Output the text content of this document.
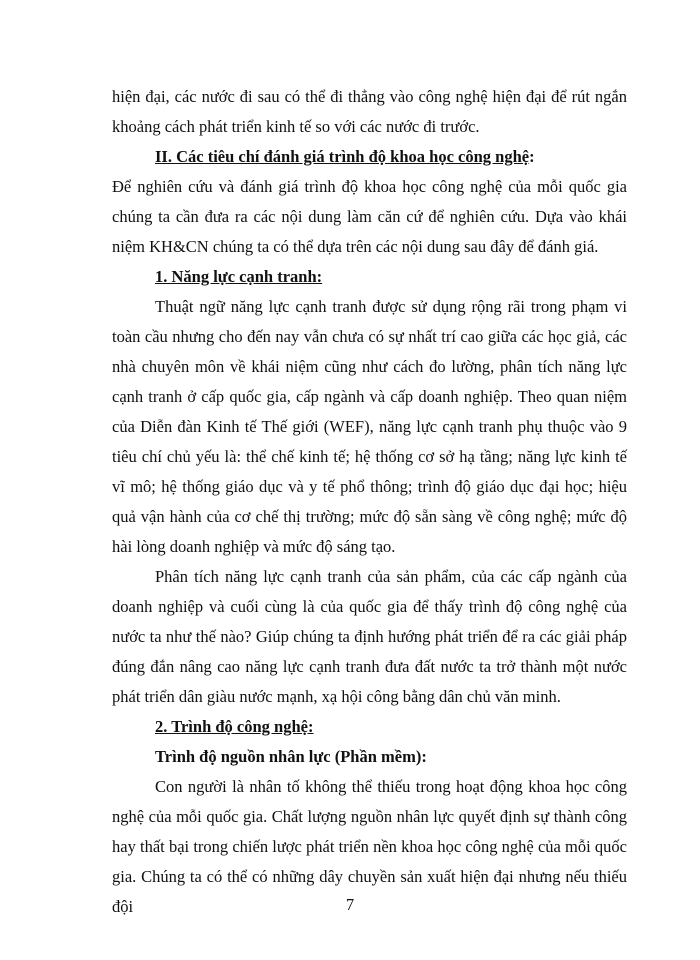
hiện đại, các nước đi sau có thể đi thẳng vào công nghệ hiện đại để rút ngắn khoảng cách phát triển kinh tế so với các nước đi trước.

II. Các tiêu chí đánh giá trình độ khoa học công nghệ:

Để nghiên cứu và đánh giá trình độ khoa học công nghệ của mỗi quốc gia chúng ta cần đưa ra các nội dung làm căn cứ để nghiên cứu. Dựa vào khái niệm KH&CN chúng ta có thể dựa trên các nội dung sau đây để đánh giá.

1. Năng lực cạnh tranh:

Thuật ngữ năng lực cạnh tranh được sử dụng rộng rãi trong phạm vi toàn cầu nhưng cho đến nay vẫn chưa có sự nhất trí cao giữa các học giả, các nhà chuyên môn về khái niệm cũng như cách đo lường, phân tích năng lực cạnh tranh ở cấp quốc gia, cấp ngành và cấp doanh nghiệp. Theo quan niệm của Diễn đàn Kinh tế Thế giới (WEF), năng lực cạnh tranh phụ thuộc vào 9 tiêu chí chủ yếu là: thể chế kinh tế; hệ thống cơ sở hạ tầng; năng lực kinh tế vĩ mô; hệ thống giáo dục và y tế phổ thông; trình độ giáo dục đại học; hiệu quả vận hành của cơ chế thị trường; mức độ sẵn sàng về công nghệ; mức độ hài lòng doanh nghiệp và mức độ sáng tạo.

Phân tích năng lực cạnh tranh của sản phẩm, của các cấp ngành của doanh nghiệp và cuối cùng là của quốc gia để thấy trình độ công nghệ của nước ta như thế nào? Giúp chúng ta định hướng phát triển để ra các giải pháp đúng đắn nâng cao năng lực cạnh tranh đưa đất nước ta trở thành một nước phát triển dân giàu nước mạnh, xạ hội công bằng dân chủ văn minh.

2. Trình độ công nghệ:
Trình độ nguồn nhân lực (Phần mềm):

Con người là nhân tố không thể thiếu trong hoạt động khoa học công nghệ của mỗi quốc gia. Chất lượng nguồn nhân lực quyết định sự thành công hay thất bại trong chiến lược phát triển nền khoa học công nghệ của mỗi quốc gia. Chúng ta có thể có những dây chuyền sản xuất hiện đại nhưng nếu thiếu đội	7
